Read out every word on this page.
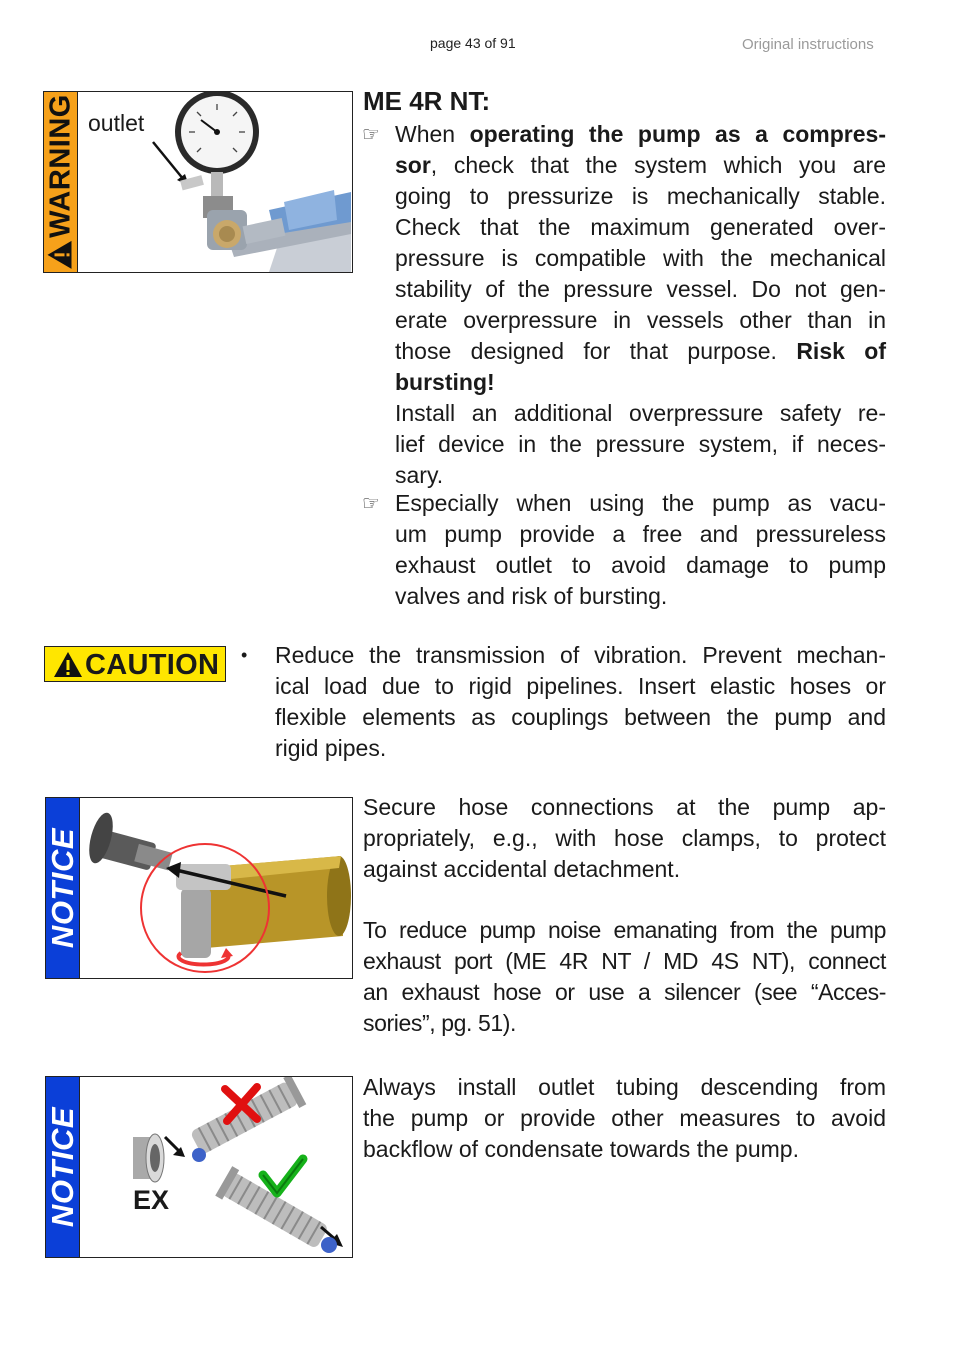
page 43 of 91	Original instructions
WARNING outlet
ME 4R NT:
☞ When operating the pump as a compres-
sor, check that the system which you are
going to pressurize is mechanically stable.
Check that the maximum generated over-
pressure is compatible with the mechanical
stability of the pressure vessel. Do not gen-
erate overpressure in vessels other than in
those designed for that purpose. Risk of
bursting!
Install an additional overpressure safety re-
lief device in the pressure system, if neces-
sary.
☞ Especially when using the pump as vacu-
um pump provide a free and pressureless
exhaust outlet to avoid damage to pump
valves and risk of bursting.
CAUTION • Reduce the transmission of vibration. Prevent mechan-
ical load due to rigid pipelines. Insert elastic hoses or
flexible elements as couplings between the pump and
rigid pipes.
NOTICE
Secure hose connections at the pump ap-
propriately, e.g., with hose clamps, to protect
against accidental detachment.
To reduce pump noise emanating from the pump
exhaust port (ME 4R NT / MD 4S NT), connect
an exhaust hose or use a silencer (see “Acces-
sories”, pg. 51).
NOTICE EX
Always install outlet tubing descending from
the pump or provide other measures to avoid
backflow of condensate towards the pump.
